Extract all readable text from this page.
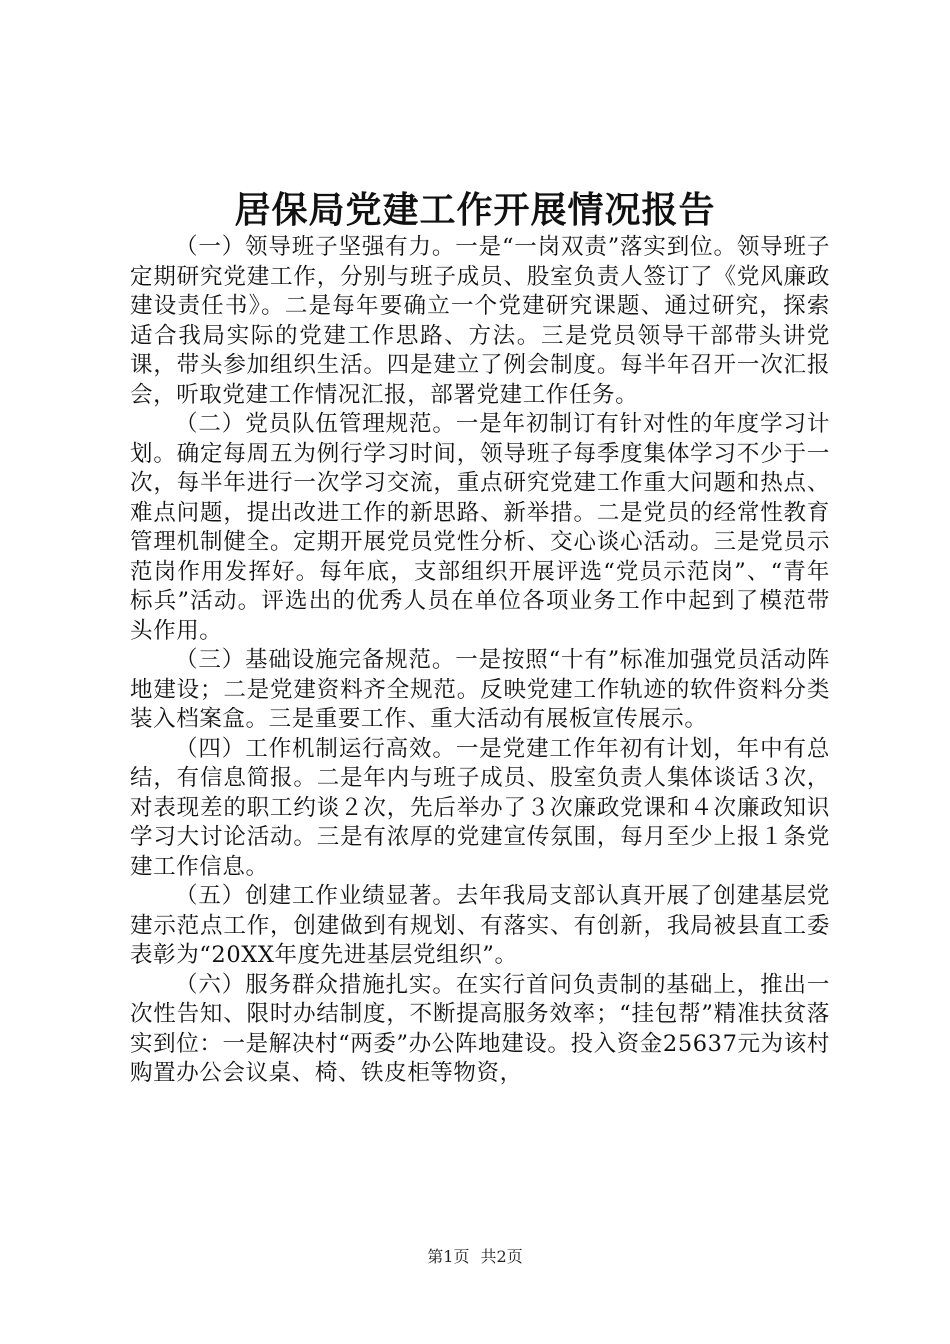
居保局党建工作开展情况报告

（一）领导班子坚强有力。一是“一岗双责”落实到位。领导班子定期研究党建工作，分别与班子成员、股室负责人签订了《党风廉政建设责任书》。二是每年要确立一个党建研究课题、通过研究，探索适合我局实际的党建工作思路、方法。三是党员领导干部带头讲党课，带头参加组织生活。四是建立了例会制度。每半年召开一次汇报会，听取党建工作情况汇报，部署党建工作任务。

（二）党员队伍管理规范。一是年初制订有针对性的年度学习计划。确定每周五为例行学习时间，领导班子每季度集体学习不少于一次，每半年进行一次学习交流，重点研究党建工作重大问题和热点、难点问题，提出改进工作的新思路、新举措。二是党员的经常性教育管理机制健全。定期开展党员党性分析、交心谈心活动。三是党员示范岗作用发挥好。每年底，支部组织开展评选“党员示范岗”、“青年标兵”活动。评选出的优秀人员在单位各项业务工作中起到了模范带头作用。

（三）基础设施完备规范。一是按照“十有”标准加强党员活动阵地建设；二是党建资料齐全规范。反映党建工作轨迹的软件资料分类装入档案盒。三是重要工作、重大活动有展板宣传展示。

（四）工作机制运行高效。一是党建工作年初有计划，年中有总结，有信息简报。二是年内与班子成员、股室负责人集体谈话３次，对表现差的职工约谈２次，先后举办了３次廉政党课和４次廉政知识学习大讨论活动。三是有浓厚的党建宣传氛围，每月至少上报１条党建工作信息。

（五）创建工作业绩显著。去年我局支部认真开展了创建基层党建示范点工作，创建做到有规划、有落实、有创新，我局被县直工委表彰为“20XX年度先进基层党组织”。

（六）服务群众措施扎实。在实行首问负责制的基础上，推出一次性告知、限时办结制度，不断提高服务效率；“挂包帮”精准扶贫落实到位：一是解决村“两委”办公阵地建设。投入资金25637元为该村购置办公会议桌、椅、铁皮柜等物资，

第1页 共2页
